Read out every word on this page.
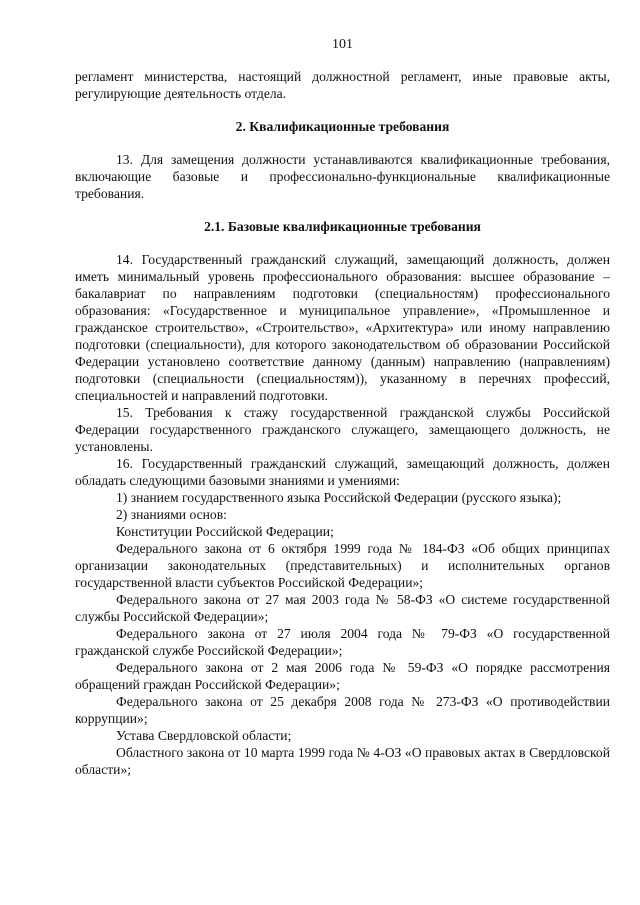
101

регламент министерства, настоящий должностной регламент, иные правовые акты, регулирующие деятельность отдела.

2. Квалификационные требования

13. Для замещения должности устанавливаются квалификационные требования, включающие базовые и профессионально-функциональные квалификационные требования.

2.1. Базовые квалификационные требования

14. Государственный гражданский служащий, замещающий должность, должен иметь минимальный уровень профессионального образования: высшее образование – бакалавриат по направлениям подготовки (специальностям) профессионального образования: «Государственное и муниципальное управление», «Промышленное и гражданское строительство», «Строительство», «Архитектура» или иному направлению подготовки (специальности), для которого законодательством об образовании Российской Федерации установлено соответствие данному (данным) направлению (направлениям) подготовки (специальности (специальностям)), указанному в перечнях профессий, специальностей и направлений подготовки.

15. Требования к стажу государственной гражданской службы Российской Федерации государственного гражданского служащего, замещающего должность, не установлены.

16. Государственный гражданский служащий, замещающий должность, должен обладать следующими базовыми знаниями и умениями:

1) знанием государственного языка Российской Федерации (русского языка);

2) знаниями основ:

Конституции Российской Федерации;

Федерального закона от 6 октября 1999 года № 184-ФЗ «Об общих принципах организации законодательных (представительных) и исполнительных органов государственной власти субъектов Российской Федерации»;

Федерального закона от 27 мая 2003 года № 58-ФЗ «О системе государственной службы Российской Федерации»;

Федерального закона от 27 июля 2004 года № 79-ФЗ «О государственной гражданской службе Российской Федерации»;

Федерального закона от 2 мая 2006 года № 59-ФЗ «О порядке рассмотрения обращений граждан Российской Федерации»;

Федерального закона от 25 декабря 2008 года № 273-ФЗ «О противодействии коррупции»;

Устава Свердловской области;

Областного закона от 10 марта 1999 года № 4-ОЗ «О правовых актах в Свердловской области»;
